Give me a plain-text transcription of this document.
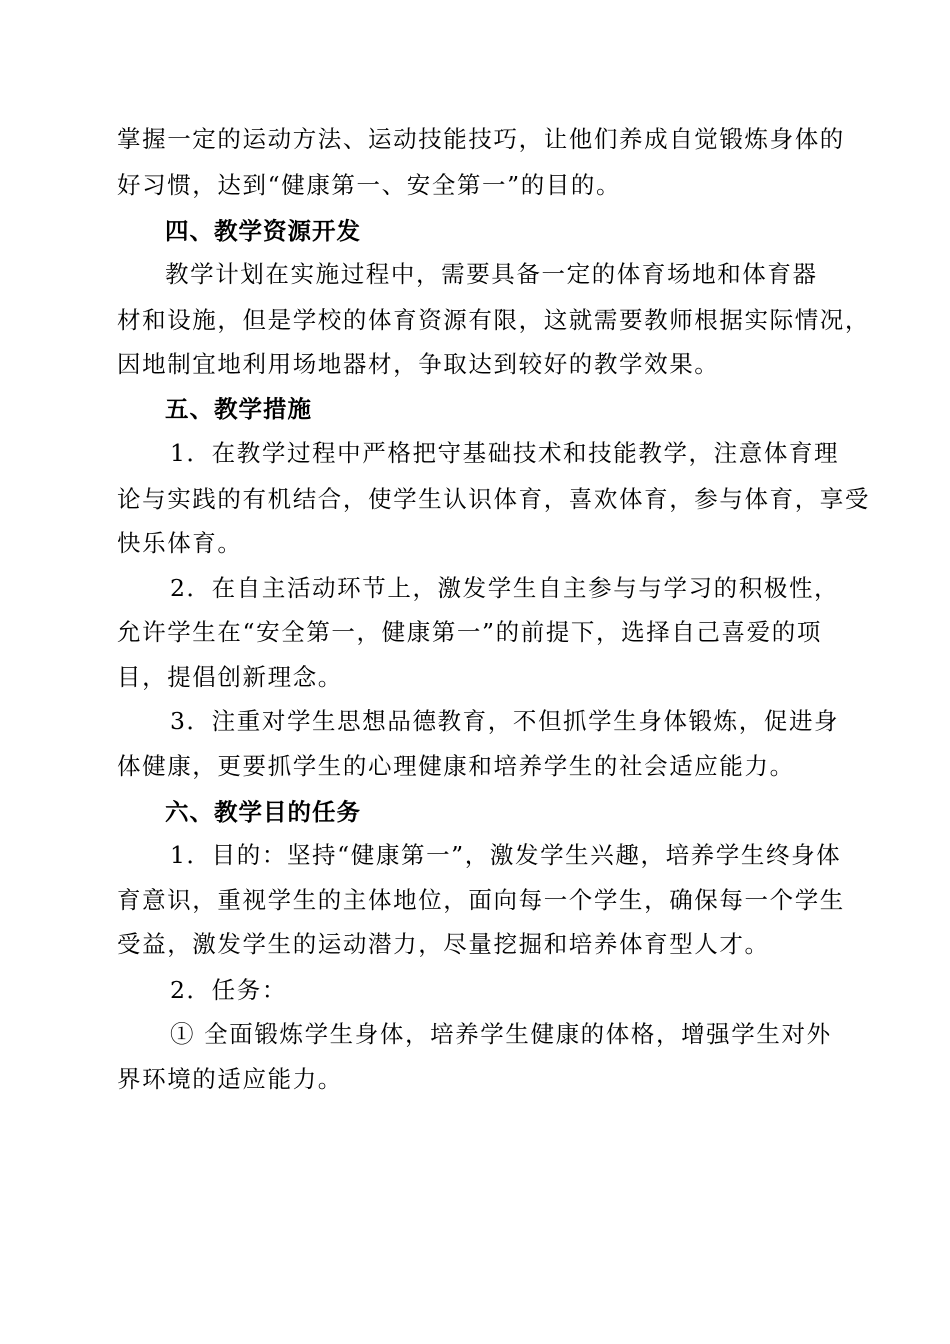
掌握一定的运动方法、运动技能技巧，让他们养成自觉锻炼身体的
好习惯，达到“健康第一、安全第一”的目的。
四、教学资源开发
教学计划在实施过程中，需要具备一定的体育场地和体育器
材和设施，但是学校的体育资源有限，这就需要教师根据实际情况，
因地制宜地利用场地器材，争取达到较好的教学效果。
五、教学措施
1．在教学过程中严格把守基础技术和技能教学，注意体育理
论与实践的有机结合，使学生认识体育，喜欢体育，参与体育，享受
快乐体育。
2．在自主活动环节上，激发学生自主参与与学习的积极性，
允许学生在“安全第一，健康第一”的前提下，选择自己喜爱的项
目，提倡创新理念。
3．注重对学生思想品德教育，不但抓学生身体锻炼，促进身
体健康，更要抓学生的心理健康和培养学生的社会适应能力。
六、教学目的任务
1．目的：坚持“健康第一”，激发学生兴趣，培养学生终身体
育意识，重视学生的主体地位，面向每一个学生，确保每一个学生
受益，激发学生的运动潜力，尽量挖掘和培养体育型人才。
2．任务：
① 全面锻炼学生身体，培养学生健康的体格，增强学生对外
界环境的适应能力。
